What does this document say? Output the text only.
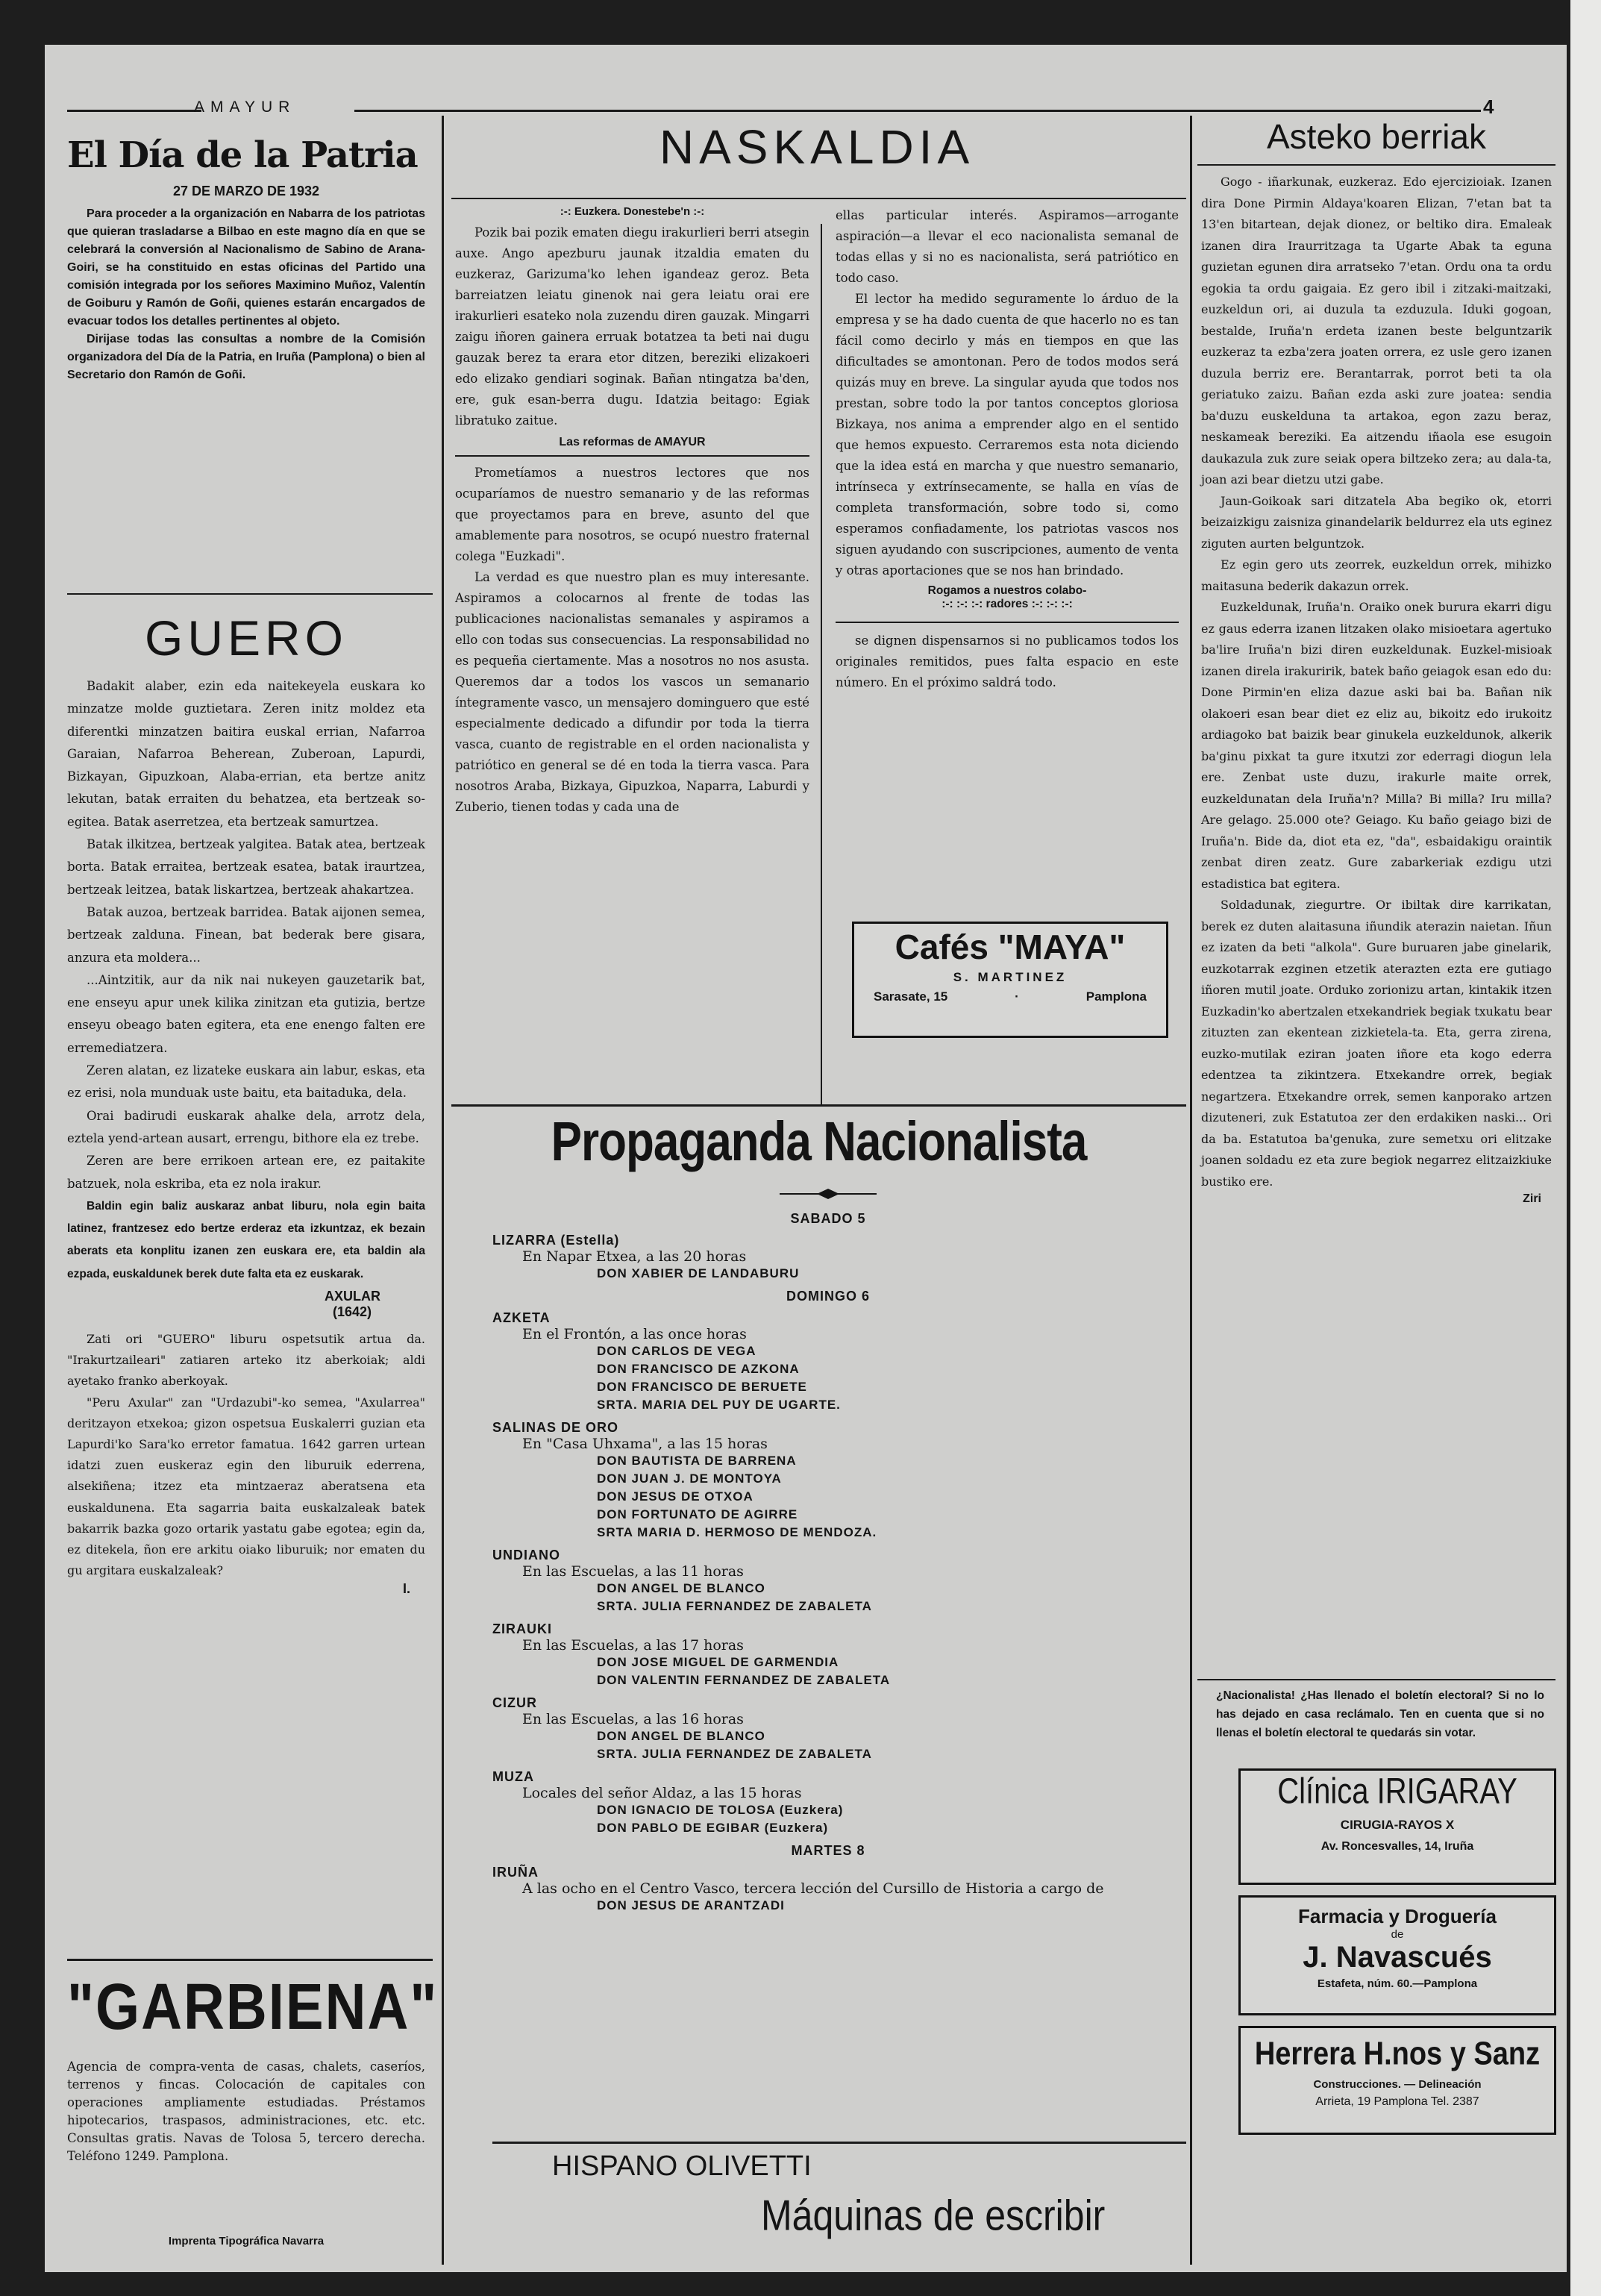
AMAYUR	4
El Día de la Patria
27 DE MARZO DE 1932

Para proceder a la organización en Nabarra de los patriotas que quieran trasladarse a Bilbao en este magno día en que se celebrará la conversión al Nacionalismo de Sabino de Arana-Goiri, se ha constituido en estas oficinas del Partido una comisión integrada por los señores Maximino Muñoz, Valentín de Goiburu y Ramón de Goñi, quienes estarán encargados de evacuar todos los detalles pertinentes al objeto.

Dirijase todas las consultas a nombre de la Comisión organizadora del Día de la Patria, en Iruña (Pamplona) o bien al Secretario don Ramón de Goñi.

GUERO

Badakit alaber, ezin eda naitekeyela euskara ko minzatze molde guztietara. Zeren initz moldez eta diferentki minzatzen baitira euskal errian, Nafarroa Garaian, Nafarroa Beherean, Zuberoan, Lapurdi, Bizkayan, Gipuzkoan, Alaba-errian, eta bertze anitz lekutan, batak erraiten du behatzea, eta bertzeak so-egitea. Batak aserretzea, eta bertzeak samurtzea.

Batak ilkitzea, bertzeak yalgitea. Batak atea, bertzeak borta. Batak erraitea, bertzeak esatea, batak iraurtzea, bertzeak leitzea, batak liskartzea, bertzeak ahakartzea.

Batak auzoa, bertzeak barridea. Batak aijonen semea, bertzeak zalduna. Finean, bat bederak bere gisara, anzura eta moldera...

...Aintzitik, aur da nik nai nukeyen gauzetarik bat, ene enseyu apur unek kilika zinitzan eta gutizia, bertze enseyu obeago baten egitera, eta ene enengo falten ere erremediatzera.

Zeren alatan, ez lizateke euskara ain labur, eskas, eta ez erisi, nola munduak uste baitu, eta baitaduka, dela.

Orai badirudi euskarak ahalke dela, arrotz dela, eztela yend-artean ausart, errengu, bithore ela ez trebe.

Zeren are bere errikoen artean ere, ez paitakite batzuek, nola eskriba, eta ez nola irakur.

Baldin egin baliz auskaraz anbat liburu, nola egin baita latinez, frantzesez edo bertze erderaz eta izkuntzaz, ek bezain aberats eta konplitu izanen zen euskara ere, eta baldin ala ezpada, euskaldunek berek dute falta eta ez euskarak.

AXULAR
(1642)

Zati ori "GUERO" liburu ospetsutik artua da. "Irakurtzaileari" zatiaren arteko itz aberkoiak; aldi ayetako franko aberkoyak.

"Peru Axular" zan "Urdazubi"-ko semea, "Axularrea" deritzayon etxekoa; gizon ospetsua Euskalerri guzian eta Lapurdi'ko Sara'ko erretor famatua. 1642 garren urtean idatzi zuen euskeraz egin den liburuik ederrena, alsekiñena; itzez eta mintzaeraz aberatsena eta euskaldunena. Eta sagarria baita euskalzaleak batek bakarrik bazka gozo ortarik yastatu gabe egotea; egin da, ez ditekela, ñon ere arkitu oiako liburuik; nor ematen du gu argitara euskalzaleak?

I.
"GARBIENA"
Agencia de compra-venta de casas, chalets, caseríos, terrenos y fincas. Colocación de capitales con operaciones ampliamente estudiadas. Préstamos hipotecarios, traspasos, administraciones, etc. etc. Consultas gratis. Navas de Tolosa 5, tercero derecha. Teléfono 1249. Pamplona.
Imprenta Tipográfica Navarra
NASKALDIA
:-: Euzkera. Donestebe'n :-:

Pozik bai pozik ematen diegu irakurlieri berri atsegin auxe. Ango apezburu jaunak itzaldia ematen du euzkeraz, Garizuma'ko lehen igandeaz geroz. Beta barreiatzen leiatu ginenok nai gera leiatu orai ere irakurlieri esateko nola zuzendu diren gauzak. Mingarri zaigu iñoren gainera erruak botatzea ta beti nai dugu gauzak berez ta erara etor ditzen, bereziki elizakoeri edo elizako gendiari soginak. Bañan ntingatza ba'den, ere, guk esan-berra dugu. Idatzia beitago: Egiak libratuko zaitue.

Las reformas de AMAYUR

Prometíamos a nuestros lectores que nos ocuparíamos de nuestro semanario y de las reformas que proyectamos para en breve, asunto del que amablemente para nosotros, se ocupó nuestro fraternal colega "Euzkadi".

La verdad es que nuestro plan es muy interesante. Aspiramos a colocarnos al frente de todas las publicaciones nacionalistas semanales y aspiramos a ello con todas sus consecuencias. La responsabilidad no es pequeña ciertamente. Mas a nosotros no nos asusta. Queremos dar a todos los vascos un semanario íntegramente vasco, un mensajero dominguero que esté especialmente dedicado a difundir por toda la tierra vasca, cuanto de registrable en el orden nacionalista y patriótico en general se dé en toda la tierra vasca. Para nosotros Araba, Bizkaya, Gipuzkoa, Naparra, Laburdi y Zuberio, tienen todas y cada una de

ellas particular interés. Aspiramos—arrogante aspiración—a llevar el eco nacionalista semanal de todas ellas y si no es nacionalista, será patriótico en todo caso.

El lector ha medido seguramente lo árduo de la empresa y se ha dado cuenta de que hacerlo no es tan fácil como decirlo y más en tiempos en que las dificultades se amontonan. Pero de todos modos será quizás muy en breve. La singular ayuda que todos nos prestan, sobre todo la por tantos conceptos gloriosa Bizkaya, nos anima a emprender algo en el sentido que hemos expuesto. Cerraremos esta nota diciendo que la idea está en marcha y que nuestro semanario, intrínseca y extrínsecamente, se halla en vías de completa transformación, sobre todo si, como esperamos confiadamente, los patriotas vascos nos siguen ayudando con suscripciones, aumento de venta y otras aportaciones que se nos han brindado.

Rogamos a nuestros colabo-
:-: :-: :-: radores :-: :-: :-:

se dignen dispensarnos si no publicamos todos los originales remitidos, pues falta espacio en este número. En el próximo saldrá todo.

Cafés "MAYA"
S. MARTINEZ
Sarasate, 15	·	Pamplona
Propaganda Nacionalista
SABADO 5
LIZARRA (Estella)
En Napar Etxea, a las 20 horas
DON XABIER DE LANDABURU
DOMINGO 6
AZKETA
En el Frontón, a las once horas
DON CARLOS DE VEGA
DON FRANCISCO DE AZKONA
DON FRANCISCO DE BERUETE
SRTA. MARIA DEL PUY DE UGARTE.
SALINAS DE ORO
En "Casa Uhxama", a las 15 horas
DON BAUTISTA DE BARRENA
DON JUAN J. DE MONTOYA
DON JESUS DE OTXOA
DON FORTUNATO DE AGIRRE
SRTA MARIA D. HERMOSO DE MENDOZA.
UNDIANO
En las Escuelas, a las 11 horas
DON ANGEL DE BLANCO
SRTA. JULIA FERNANDEZ DE ZABALETA
ZIRAUKI
En las Escuelas, a las 17 horas
DON JOSE MIGUEL DE GARMENDIA
DON VALENTIN FERNANDEZ DE ZABALETA
CIZUR
En las Escuelas, a las 16 horas
DON ANGEL DE BLANCO
SRTA. JULIA FERNANDEZ DE ZABALETA
MUZA
Locales del señor Aldaz, a las 15 horas
DON IGNACIO DE TOLOSA (Euzkera)
DON PABLO DE EGIBAR (Euzkera)
MARTES 8
IRUÑA
A las ocho en el Centro Vasco, tercera lección del Cursillo de Historia a cargo de
DON JESUS DE ARANTZADI
HISPANO OLIVETTI
Máquinas de escribir
Asteko berriak

Gogo - iñarkunak, euzkeraz. Edo ejercizioiak. Izanen dira Done Pirmin Aldaya'koaren Elizan, 7'etan bat ta 13'en bitartean, dejak dionez, or beltiko dira. Emaleak izanen dira Iraurritzaga ta Ugarte Abak ta eguna guzietan egunen dira arratseko 7'etan. Ordu ona ta ordu egokia ta ordu gaigaia. Ez gero ibil i zitzaki-maitzaki, euzkeldun ori, ai duzula ta ezduzula. Iduki gogoan, bestalde, Iruña'n erdeta izanen beste belguntzarik euzkeraz ta ezba'zera joaten orrera, ez usle gero izanen duzula berriz ere. Berantarrak, porrot beti ta ola geriatuko zaizu. Bañan ezda aski zure joatea: sendia ba'duzu euskelduna ta artakoa, egon zazu beraz, neskameak bereziki. Ea aitzendu iñaola ese esugoin daukazula zuk zure seiak opera biltzeko zera; au dala-ta, joan azi bear dietzu utzi gabe.

Jaun-Goikoak sari ditzatela Aba begiko ok, etorri beizaizkigu zaisniza ginandelarik beldurrez ela uts eginez ziguten aurten belguntzok.

Ez egin gero uts zeorrek, euzkeldun orrek, mihizko maitasuna bederik dakazun orrek.

Euzkeldunak, Iruña'n. Oraiko onek burura ekarri digu ez gaus ederra izanen litzaken olako misioetara agertuko ba'lire Iruña'n bizi diren euzkeldunak. Euzkel-misioak izanen direla irakuririk, batek baño geiagok esan edo du: Done Pirmin'en eliza dazue aski bai ba. Bañan nik olakoeri esan bear diet ez eliz au, bikoitz edo irukoitz ardiagoko bat baizik bear ginukela euzkeldunok, alkerik ba'ginu pixkat ta gure itxutzi zor ederragi diogun lela ere. Zenbat uste duzu, irakurle maite orrek, euzkeldunatan dela Iruña'n? Milla? Bi milla? Iru milla? Are gelago. 25.000 ote? Geiago. Ku baño geiago bizi de Iruña'n. Bide da, diot eta ez, "da", esbaidakigu oraintik zenbat diren zeatz. Gure zabarkeriak ezdigu utzi estadistica bat egitera.

Soldadunak, ziegurtre. Or ibiltak dire karrikatan, berek ez duten alaitasuna iñundik aterazin naietan. Iñun ez izaten da beti "alkola". Gure buruaren jabe ginelarik, euzkotarrak ezginen etzetik aterazten ezta ere gutiago iñoren mutil joate. Orduko zorionizu artan, kintakik itzen Euzkadin'ko abertzalen etxekandriek begiak txukatu bear zituzten zan ekentean zizkietela-ta. Eta, gerra zirena, euzko-mutilak eziran joaten iñore eta kogo ederra edentzea ta zikintzera. Etxekandre orrek, begiak negartzera. Etxekandre orrek, semen kanporako artzen dizuteneri, zuk Estatutoa zer den erdakiken naski... Ori da ba. Estatutoa ba'genuka, zure semetxu ori elitzake joanen soldadu ez eta zure begiok negarrez elitzaizkiuke bustiko ere.

Ziri
¿Nacionalista! ¿Has llenado el boletín electoral? Si no lo has dejado en casa reclámalo. Ten en cuenta que si no llenas el boletín electoral te quedarás sin votar.
Clínica IRIGARAY
CIRUGIA-RAYOS X
Av. Roncesvalles, 14, Iruña
Farmacia y Droguería
de
J. Navascués
Estafeta, núm. 60.—Pamplona
Herrera H.nos y Sanz
Construcciones. — Delineación
Arrieta, 19 Pamplona Tel. 2387
